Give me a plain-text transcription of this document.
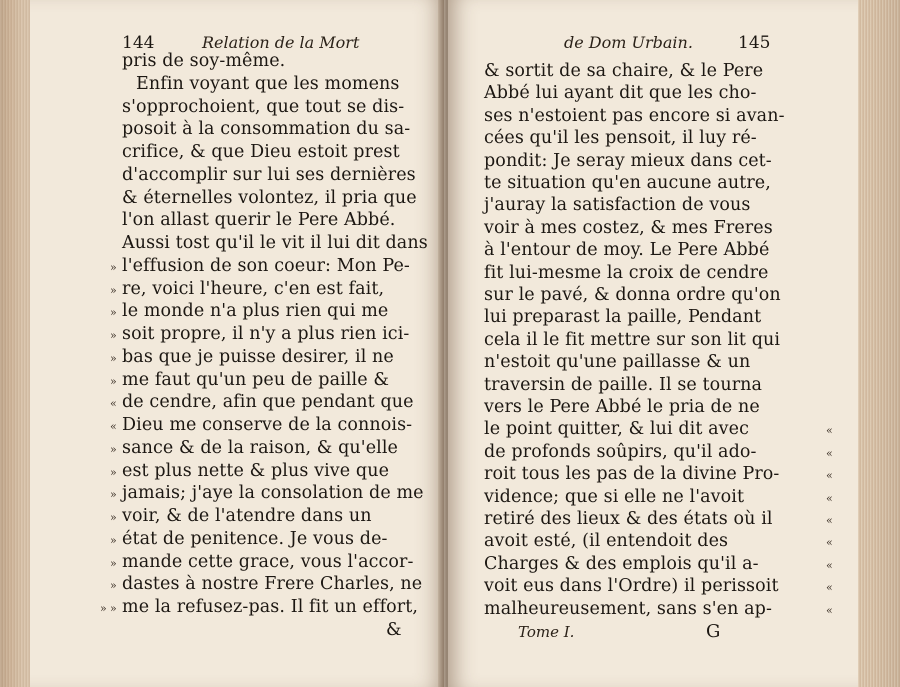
144	Relation de la Mort
pris de soy-même.
Enfin voyant que les momens
s'opprochoient, que tout se dis-
posoit à la consommation du sa-
crifice, & que Dieu estoit prest
d'accomplir sur lui ses dernières
& éternelles volontez, il pria que
l'on allast querir le Pere Abbé.
Aussi tost qu'il le vit il lui dit dans
l'effusion de son coeur: Mon Pe-
re, voici l'heure, c'en est fait,
le monde n'a plus rien qui me
soit propre, il n'y a plus rien ici-
bas que je puisse desirer, il ne
me faut qu'un peu de paille &
de cendre, afin que pendant que
Dieu me conserve de la connois-
sance & de la raison, & qu'elle
est plus nette & plus vive que
jamais; j'aye la consolation de me
voir, & de l'atendre dans un
état de penitence. Je vous de-
mande cette grace, vous l'accor-
dastes à nostre Frere Charles, ne
me la refusez-pas. Il fit un effort,
»
»
»
»
»
»
«
«
»
»
»
»
»
»
»
»
»
&
de Dom Urbain.	145
& sortit de sa chaire, & le Pere
Abbé lui ayant dit que les cho-
ses n'estoient pas encore si avan-
cées qu'il les pensoit, il luy ré-
pondit: Je seray mieux dans cet-
te situation qu'en aucune autre,
j'auray la satisfaction de vous
voir à mes costez, & mes Freres
à l'entour de moy. Le Pere Abbé
fit lui-mesme la croix de cendre
sur le pavé, & donna ordre qu'on
lui preparast la paille, Pendant
cela il le fit mettre sur son lit qui
n'estoit qu'une paillasse & un
traversin de paille. Il se tourna
vers le Pere Abbé le pria de ne
le point quitter, & lui dit avec
de profonds soûpirs, qu'il ado-
roit tous les pas de la divine Pro-
vidence; que si elle ne l'avoit
retiré des lieux & des états où il
avoit esté, (il entendoit des
Charges & des emplois qu'il a-
voit eus dans l'Ordre) il perissoit
malheureusement, sans s'en ap-
«
«
«
«
«
«
«
«
«
Tome I.	G
